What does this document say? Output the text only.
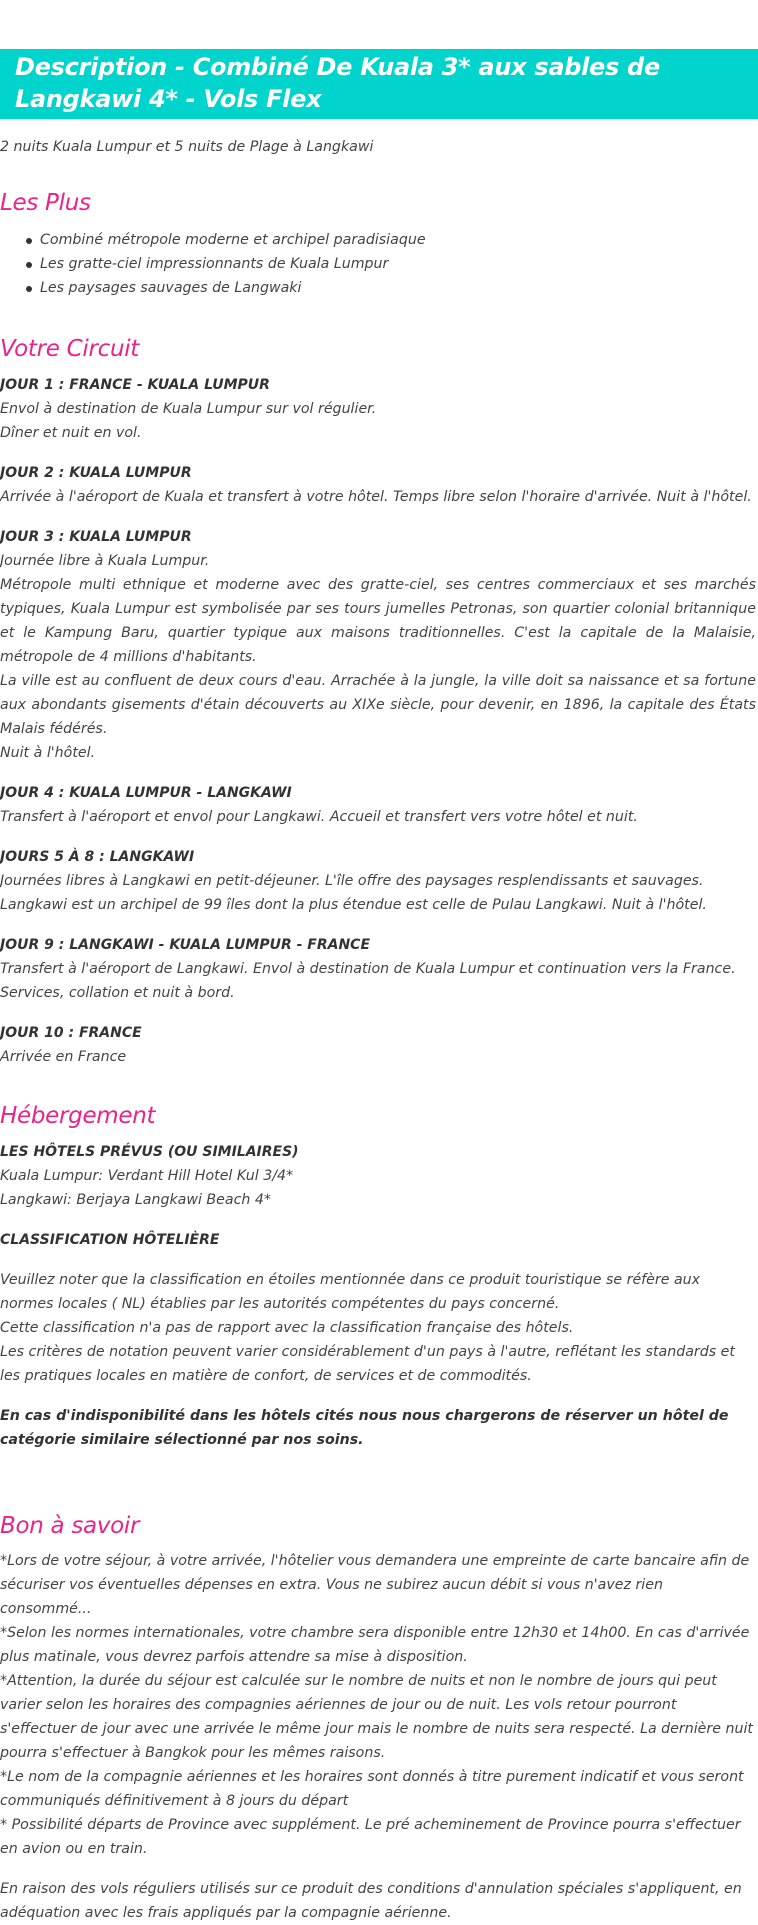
Description - Combiné De Kuala 3* aux sables de Langkawi 4* - Vols Flex

2 nuits Kuala Lumpur et 5 nuits de Plage à Langkawi

Les Plus
Combiné métropole moderne et archipel paradisiaque
Les gratte-ciel impressionnants de Kuala Lumpur
Les paysages sauvages de Langwaki
Votre Circuit
JOUR 1 : FRANCE - KUALA LUMPUR
Envol à destination de Kuala Lumpur sur vol régulier.
Dîner et nuit en vol.
JOUR 2 : KUALA LUMPUR
Arrivée à l'aéroport de Kuala et transfert à votre hôtel. Temps libre selon l'horaire d'arrivée. Nuit à l'hôtel.
JOUR 3 : KUALA LUMPUR
Journée libre à Kuala Lumpur.
Métropole multi ethnique et moderne avec des gratte-ciel, ses centres commerciaux et ses marchés typiques, Kuala Lumpur est symbolisée par ses tours jumelles Petronas, son quartier colonial britannique et le Kampung Baru, quartier typique aux maisons traditionnelles. C'est la capitale de la Malaisie, métropole de 4 millions d'habitants.
La ville est au confluent de deux cours d'eau. Arrachée à la jungle, la ville doit sa naissance et sa fortune aux abondants gisements d'étain découverts au XIXe siècle, pour devenir, en 1896, la capitale des États Malais fédérés.
Nuit à l'hôtel.
JOUR 4 : KUALA LUMPUR - LANGKAWI
Transfert à l'aéroport et envol pour Langkawi. Accueil et transfert vers votre hôtel et nuit.
JOURS 5 À 8 : LANGKAWI
Journées libres à Langkawi en petit-déjeuner. L'île offre des paysages resplendissants et sauvages.
Langkawi est un archipel de 99 îles dont la plus étendue est celle de Pulau Langkawi. Nuit à l'hôtel.
JOUR 9 : LANGKAWI - KUALA LUMPUR - FRANCE
Transfert à l'aéroport de Langkawi. Envol à destination de Kuala Lumpur et continuation vers la France.
Services, collation et nuit à bord.
JOUR 10 : FRANCE
Arrivée en France
Hébergement
LES HÔTELS PRÉVUS (OU SIMILAIRES)
Kuala Lumpur: Verdant Hill Hotel Kul 3/4*
Langkawi: Berjaya Langkawi Beach 4*

CLASSIFICATION HÔTELIÈRE

Veuillez noter que la classification en étoiles mentionnée dans ce produit touristique se réfère aux normes locales ( NL) établies par les autorités compétentes du pays concerné.
Cette classification n'a pas de rapport avec la classification française des hôtels.
Les critères de notation peuvent varier considérablement d'un pays à l'autre, reflétant les standards et les pratiques locales en matière de confort, de services et de commodités.

En cas d'indisponibilité dans les hôtels cités nous nous chargerons de réserver un hôtel de catégorie similaire sélectionné par nos soins.

Bon à savoir
*Lors de votre séjour, à votre arrivée, l'hôtelier vous demandera une empreinte de carte bancaire afin de sécuriser vos éventuelles dépenses en extra. Vous ne subirez aucun débit si vous n'avez rien consommé...
*Selon les normes internationales, votre chambre sera disponible entre 12h30 et 14h00. En cas d'arrivée plus matinale, vous devrez parfois attendre sa mise à disposition.
*Attention, la durée du séjour est calculée sur le nombre de nuits et non le nombre de jours qui peut varier selon les horaires des compagnies aériennes de jour ou de nuit. Les vols retour pourront s'effectuer de jour avec une arrivée le même jour mais le nombre de nuits sera respecté. La dernière nuit pourra s'effectuer à Bangkok pour les mêmes raisons.
*Le nom de la compagnie aériennes et les horaires sont donnés à titre purement indicatif et vous seront communiqués définitivement à 8 jours du départ
* Possibilité départs de Province avec supplément. Le pré acheminement de Province pourra s'effectuer en avion ou en train.

En raison des vols réguliers utilisés sur ce produit des conditions d'annulation spéciales s'appliquent, en adéquation avec les frais appliqués par la compagnie aérienne.
